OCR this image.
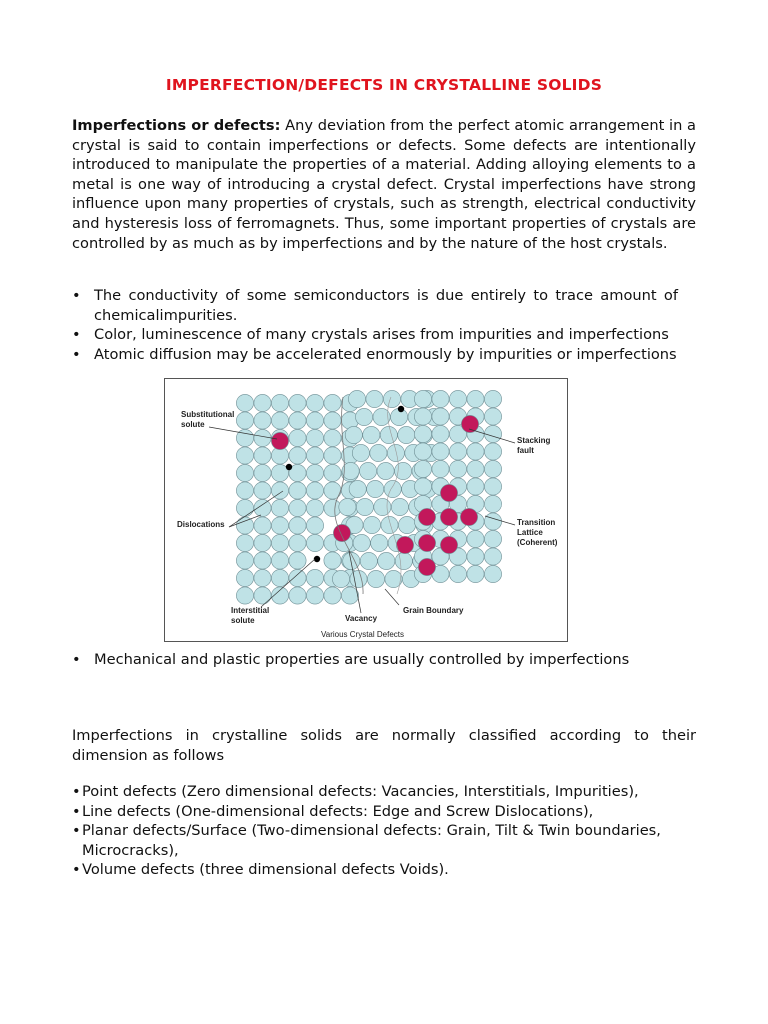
IMPERFECTION/DEFECTS IN CRYSTALLINE SOLIDS
Imperfections or defects: Any deviation from the perfect atomic arrangement in a crystal is said to contain imperfections or defects. Some defects are intentionally introduced to manipulate the properties of a material. Adding alloying elements to a metal is one way of introducing a crystal defect. Crystal imperfections have strong influence upon many properties of crystals, such as strength, electrical conductivity and hysteresis loss of ferromagnets. Thus, some important properties of crystals are controlled by as much as by imperfections and by the nature of the host crystals.
• The conductivity of some semiconductors is due entirely to trace amount of chemicalimpurities.
• Color, luminescence of many crystals arises from impurities and imperfections
• Atomic diffusion may be accelerated enormously by impurities or imperfections
Substitutional
solute
Stacking
fault
Dislocations	Transition
Lattice
(Coherent)
Interstitial
solute	Vacancy
Grain Boundary
Various Crystal Defects
• Mechanical and plastic properties are usually controlled by imperfections
Imperfections in crystalline solids are normally classified according to their dimension as follows
• Point defects (Zero dimensional defects: Vacancies, Interstitials, Impurities),
• Line defects (One-dimensional defects: Edge and Screw Dislocations),
• Planar defects/Surface (Two-dimensional defects: Grain, Tilt & Twin boundaries, Microcracks),
• Volume defects (three dimensional defects Voids).
